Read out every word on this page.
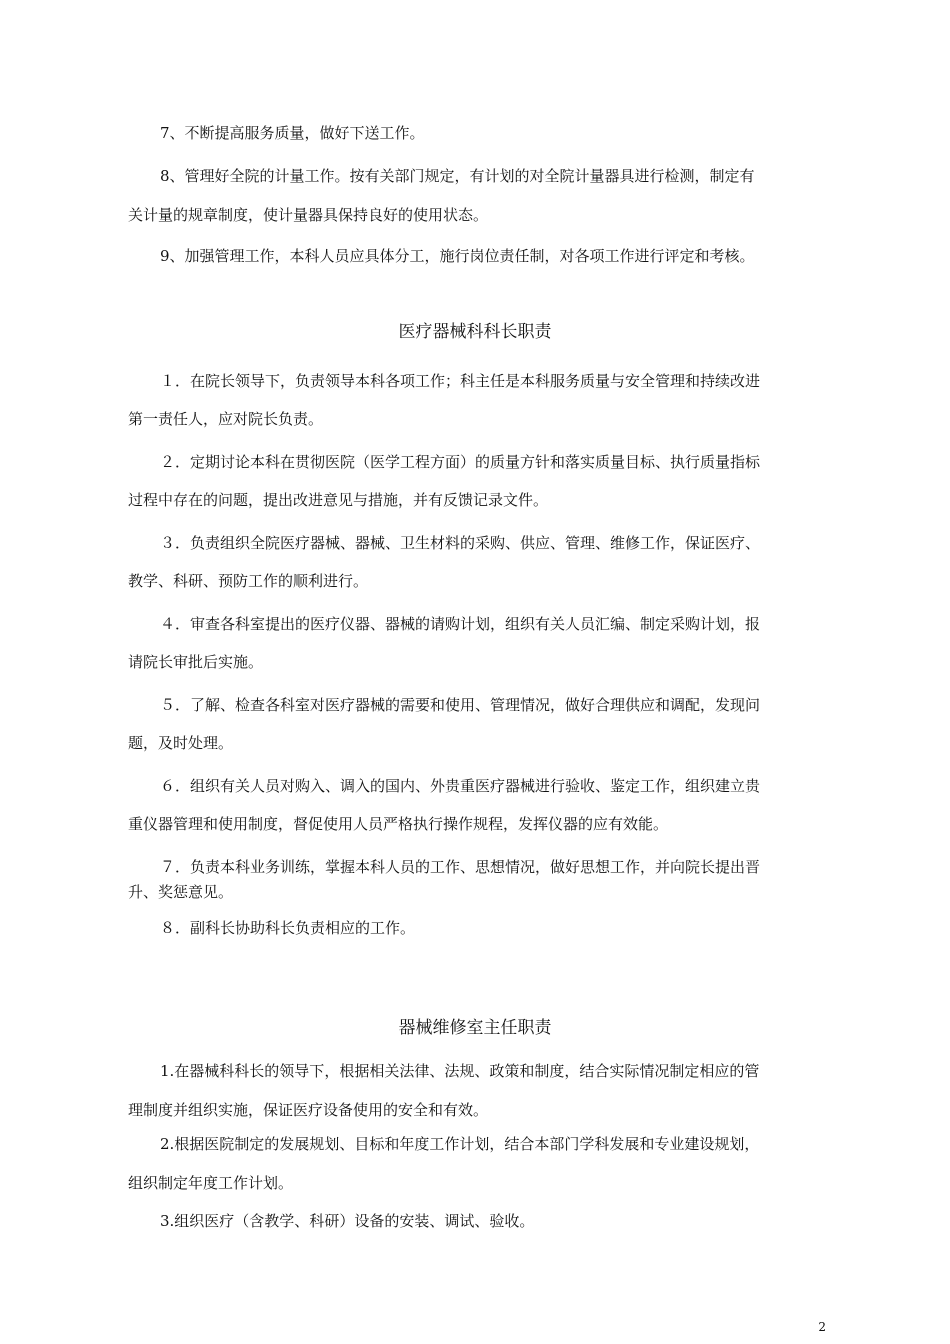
7、不断提高服务质量，做好下送工作。
8、管理好全院的计量工作。按有关部门规定，有计划的对全院计量器具进行检测，制定有
关计量的规章制度，使计量器具保持良好的使用状态。
9、加强管理工作，本科人员应具体分工，施行岗位责任制，对各项工作进行评定和考核。
医疗器械科科长职责
１．在院长领导下，负责领导本科各项工作；科主任是本科服务质量与安全管理和持续改进
第一责任人，应对院长负责。
２．定期讨论本科在贯彻医院（医学工程方面）的质量方针和落实质量目标、执行质量指标
过程中存在的问题，提出改进意见与措施，并有反馈记录文件。
３．负责组织全院医疗器械、器械、卫生材料的采购、供应、管理、维修工作，保证医疗、
教学、科研、预防工作的顺利进行。
４．审查各科室提出的医疗仪器、器械的请购计划，组织有关人员汇编、制定采购计划，报
请院长审批后实施。
５．了解、检查各科室对医疗器械的需要和使用、管理情况，做好合理供应和调配，发现问
题，及时处理。
６．组织有关人员对购入、调入的国内、外贵重医疗器械进行验收、鉴定工作，组织建立贵
重仪器管理和使用制度，督促使用人员严格执行操作规程，发挥仪器的应有效能。
７．负责本科业务训练，掌握本科人员的工作、思想情况，做好思想工作，并向院长提出晋
升、奖惩意见。
８．副科长协助科长负责相应的工作。
器械维修室主任职责
1.在器械科科长的领导下，根据相关法律、法规、政策和制度，结合实际情况制定相应的管
理制度并组织实施，保证医疗设备使用的安全和有效。
2.根据医院制定的发展规划、目标和年度工作计划，结合本部门学科发展和专业建设规划，
组织制定年度工作计划。
3.组织医疗（含教学、科研）设备的安装、调试、验收。
2
